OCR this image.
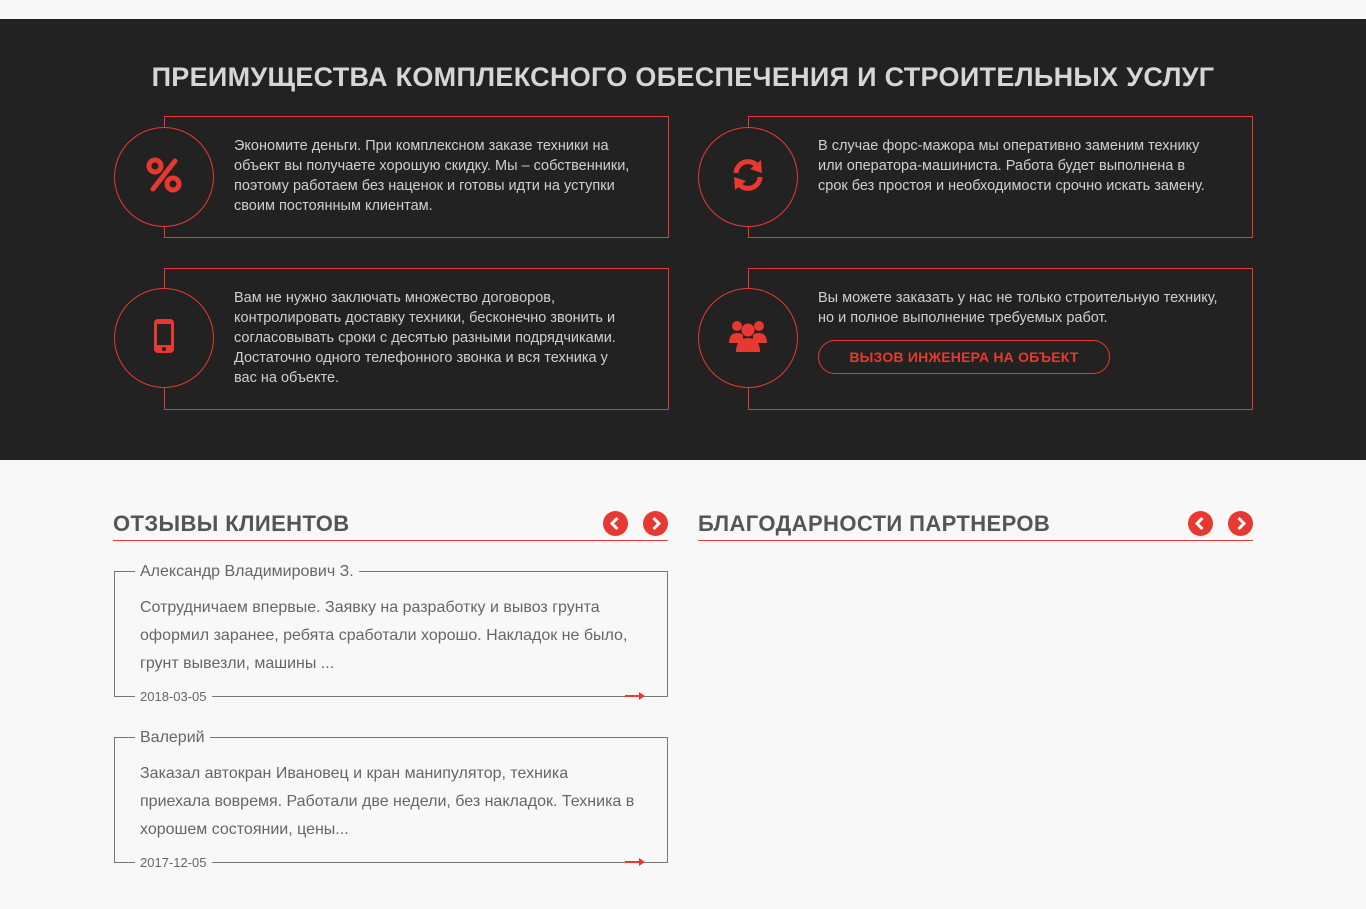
ПРЕИМУЩЕСТВА КОМПЛЕКСНОГО ОБЕСПЕЧЕНИЯ И СТРОИТЕЛЬНЫХ УСЛУГ

Экономите деньги. При комплексном заказе техники на объект вы получаете хорошую скидку. Мы – собственники, поэтому работаем без наценок и готовы идти на уступки своим постоянным клиентам.

В случае форс-мажора мы оперативно заменим технику или оператора-машиниста. Работа будет выполнена в срок без простоя и необходимости срочно искать замену.

Вам не нужно заключать множество договоров, контролировать доставку техники, бесконечно звонить и согласовывать сроки с десятью разными подрядчиками. Достаточно одного телефонного звонка и вся техника у вас на объекте.

Вы можете заказать у нас не только строительную технику, но и полное выполнение требуемых работ.

ВЫЗОВ ИНЖЕНЕРА НА ОБЪЕКТ
ОТЗЫВЫ КЛИЕНТОВ	БЛАГОДАРНОСТИ ПАРТНЕРОВ
Александр Владимирович З.

Сотрудничаем впервые. Заявку на разработку и вывоз грунта оформил заранее, ребята сработали хорошо. Накладок не было, грунт вывезли, машины ...

2018-03-05
Валерий

Заказал автокран Ивановец и кран манипулятор, техника приехала вовремя. Работали две недели, без накладок. Техника в хорошем состоянии, цены...

2017-12-05
